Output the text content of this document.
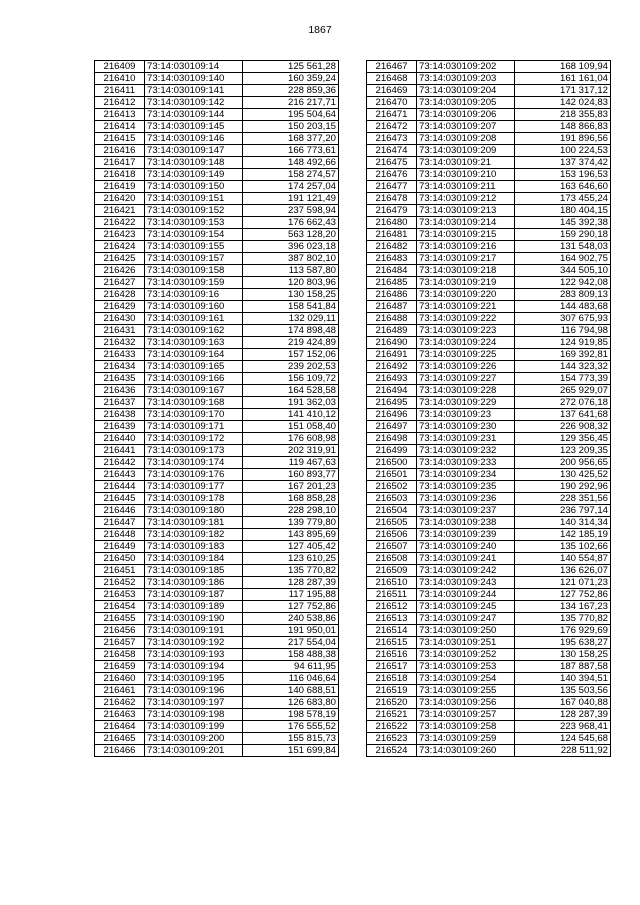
1867
216409	73:14:030109:14	125 561,28
216410	73:14:030109:140	160 359,24
216411	73:14:030109:141	228 859,36
216412	73:14:030109:142	216 217,71
216413	73:14:030109:144	195 504,64
216414	73:14:030109:145	150 203,15
216415	73:14:030109:146	168 377,20
216416	73:14:030109:147	166 773,61
216417	73:14:030109:148	148 492,66
216418	73:14:030109:149	158 274,57
216419	73:14:030109:150	174 257,04
216420	73:14:030109:151	191 121,49
216421	73:14:030109:152	237 598,94
216422	73:14:030109:153	176 662,43
216423	73:14:030109:154	563 128,20
216424	73:14:030109:155	396 023,18
216425	73:14:030109:157	387 802,10
216426	73:14:030109:158	113 587,80
216427	73:14:030109:159	120 803,96
216428	73:14:030109:16	130 158,25
216429	73:14:030109:160	158 541,84
216430	73:14:030109:161	132 029,11
216431	73:14:030109:162	174 898,48
216432	73:14:030109:163	219 424,89
216433	73:14:030109:164	157 152,06
216434	73:14:030109:165	239 202,53
216435	73:14:030109:166	156 109,72
216436	73:14:030109:167	164 528,58
216437	73:14:030109:168	191 362,03
216438	73:14:030109:170	141 410,12
216439	73:14:030109:171	151 058,40
216440	73:14:030109:172	176 608,98
216441	73:14:030109:173	202 319,91
216442	73:14:030109:174	119 467,63
216443	73:14:030109:176	160 893,77
216444	73:14:030109:177	167 201,23
216445	73:14:030109:178	168 858,28
216446	73:14:030109:180	228 298,10
216447	73:14:030109:181	139 779,80
216448	73:14:030109:182	143 895,69
216449	73:14:030109:183	127 405,42
216450	73:14:030109:184	123 610,25
216451	73:14:030109:185	135 770,82
216452	73:14:030109:186	128 287,39
216453	73:14:030109:187	117 195,88
216454	73:14:030109:189	127 752,86
216455	73:14:030109:190	240 538,86
216456	73:14:030109:191	191 950,01
216457	73:14:030109:192	217 554,04
216458	73:14:030109:193	158 488,38
216459	73:14:030109:194	94 611,95
216460	73:14:030109:195	116 046,64
216461	73:14:030109:196	140 688,51
216462	73:14:030109:197	126 683,80
216463	73:14:030109:198	198 578,19
216464	73:14:030109:199	176 555,52
216465	73:14:030109:200	155 815,73
216466	73:14:030109:201	151 699,84
216467	73:14:030109:202	168 109,94
216468	73:14:030109:203	161 161,04
216469	73:14:030109:204	171 317,12
216470	73:14:030109:205	142 024,83
216471	73:14:030109:206	218 355,83
216472	73:14:030109:207	148 866,83
216473	73:14:030109:208	191 896,56
216474	73:14:030109:209	100 224,53
216475	73:14:030109:21	137 374,42
216476	73:14:030109:210	153 196,53
216477	73:14:030109:211	163 646,60
216478	73:14:030109:212	173 455,24
216479	73:14:030109:213	180 404,15
216480	73:14:030109:214	145 392,38
216481	73:14:030109:215	159 290,18
216482	73:14:030109:216	131 548,03
216483	73:14:030109:217	164 902,75
216484	73:14:030109:218	344 505,10
216485	73:14:030109:219	122 942,08
216486	73:14:030109:220	283 809,13
216487	73:14:030109:221	144 483,68
216488	73:14:030109:222	307 675,93
216489	73:14:030109:223	116 794,98
216490	73:14:030109:224	124 919,85
216491	73:14:030109:225	169 392,81
216492	73:14:030109:226	144 323,32
216493	73:14:030109:227	154 773,39
216494	73:14:030109:228	265 929,07
216495	73:14:030109:229	272 076,18
216496	73:14:030109:23	137 641,68
216497	73:14:030109:230	226 908,32
216498	73:14:030109:231	129 356,45
216499	73:14:030109:232	123 209,35
216500	73:14:030109:233	200 956,65
216501	73:14:030109:234	130 425,52
216502	73:14:030109:235	190 292,96
216503	73:14:030109:236	228 351,56
216504	73:14:030109:237	236 797,14
216505	73:14:030109:238	140 314,34
216506	73:14:030109:239	142 185,19
216507	73:14:030109:240	135 102,66
216508	73:14:030109:241	140 554,87
216509	73:14:030109:242	136 626,07
216510	73:14:030109:243	121 071,23
216511	73:14:030109:244	127 752,86
216512	73:14:030109:245	134 167,23
216513	73:14:030109:247	135 770,82
216514	73:14:030109:250	176 929,69
216515	73:14:030109:251	195 638,27
216516	73:14:030109:252	130 158,25
216517	73:14:030109:253	187 887,58
216518	73:14:030109:254	140 394,51
216519	73:14:030109:255	135 503,56
216520	73:14:030109:256	167 040,88
216521	73:14:030109:257	128 287,39
216522	73:14:030109:258	223 968,41
216523	73:14:030109:259	124 545,68
216524	73:14:030109:260	228 511,92
